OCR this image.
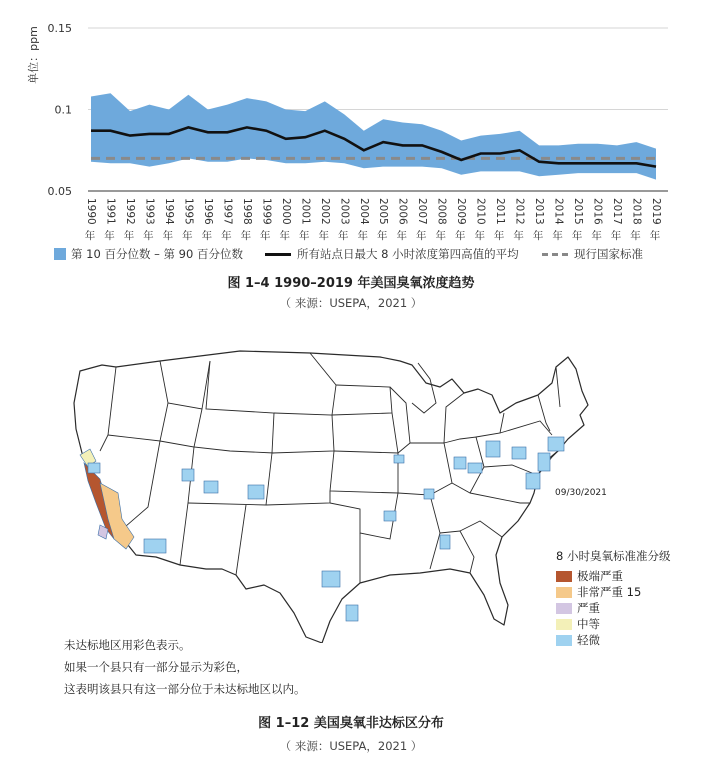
0.15
0.1
0.05
1990
年
1991
年
1992
年
1993
年
1994
年
1995
年
1996
年
1997
年
1998
年
1999
年
2000
年
2001
年
2002
年
2003
年
2004
年
2005
年
2006
年
2007
年
2008
年
2009
年
2010
年
2011
年
2012
年
2013
年
2014
年
2015
年
2016
年
2017
年
2018
年
2019
年
单位：ppm
第 10 百分位数 – 第 90 百分位数	所有站点日最大 8 小时浓度第四高值的平均	现行国家标准
图 1–4 1990–2019 年美国臭氧浓度趋势
（ 来源：USEPA，2021 ）
09/30/2021
8 小时臭氧标准准分级
极端严重
非常严重 15
严重
中等
轻微
未达标地区用彩色表示。
如果一个县只有一部分显示为彩色，
这表明该县只有这一部分位于未达标地区以内。
图 1–12 美国臭氧非达标区分布
（ 来源：USEPA，2021 ）
